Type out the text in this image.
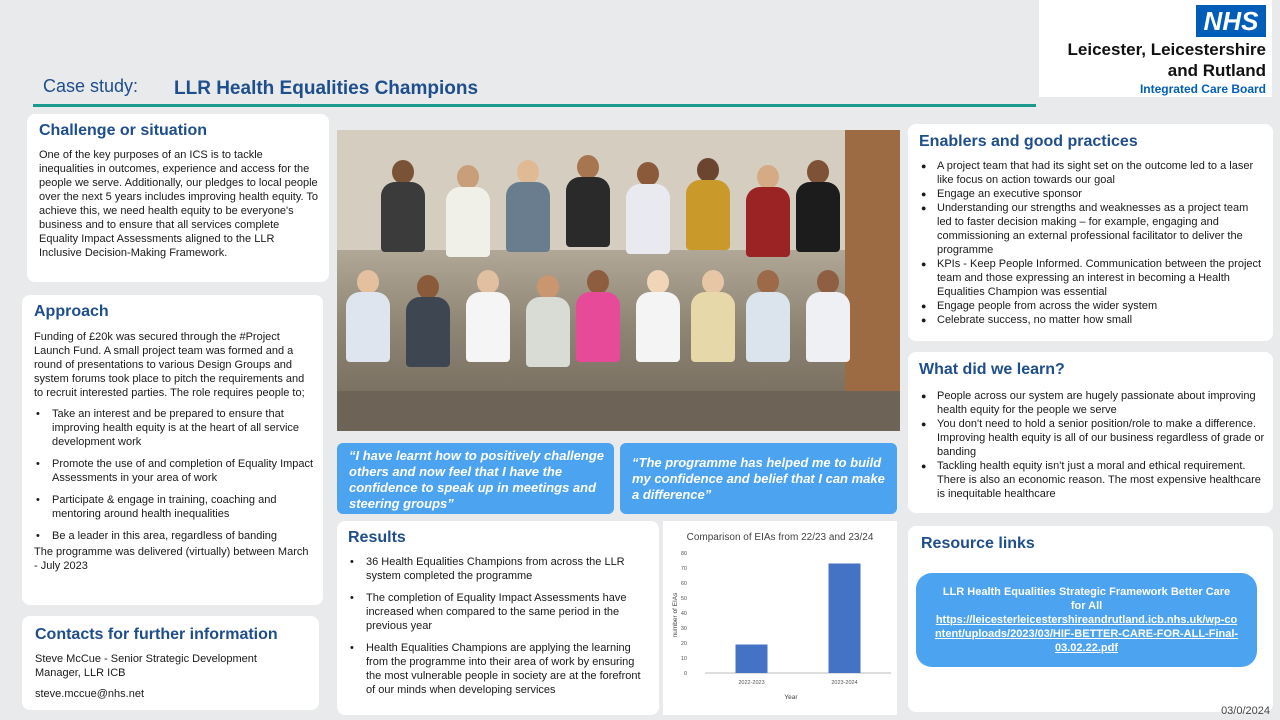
Case study: LLR Health Equalities Champions
NHS
Leicester, Leicestershire
and Rutland
Integrated Care Board
Challenge or situation
One of the key purposes of an ICS is to tackle inequalities in outcomes, experience and access for the people we serve. Additionally, our pledges to local people over the next 5 years includes improving health equity. To achieve this, we need health equity to be everyone's business and to ensure that all services complete Equality Impact Assessments aligned to the LLR Inclusive Decision-Making Framework.
Approach
Funding of £20k was secured through the #Project Launch Fund. A small project team was formed and a round of presentations to various Design Groups and system forums took place to pitch the requirements and to recruit interested parties. The role requires people to;
• Take an interest and be prepared to ensure that improving health equity is at the heart of all service development work
• Promote the use of and completion of Equality Impact Assessments in your area of work
• Participate & engage in training, coaching and mentoring around health inequalities
• Be a leader in this area, regardless of banding
The programme was delivered (virtually) between March - July 2023
Contacts for further information
Steve McCue - Senior Strategic Development Manager, LLR ICB
steve.mccue@nhs.net
“I have learnt how to positively challenge others and now feel that I have the confidence to speak up in meetings and steering groups”
“The programme has helped me to build my confidence and belief that I can make a difference”
Results
• 36 Health Equalities Champions from across the LLR system completed the programme
• The completion of Equality Impact Assessments have increased when compared to the same period in the previous year
• Health Equalities Champions are applying the learning from the programme into their area of work by ensuring the most vulnerable people in society are at the forefront of our minds when developing services
Comparison of EIAs from 22/23 and 23/24
number of EIAs
Year
0
10
20
30
40
50
60
70
80
2022-2023	2023-2024
Enablers and good practices
● A project team that had its sight set on the outcome led to a laser like focus on action towards our goal
● Engage an executive sponsor
● Understanding our strengths and weaknesses as a project team led to faster decision making – for example, engaging and commissioning an external professional facilitator to deliver the programme
● KPIs - Keep People Informed. Communication between the project team and those expressing an interest in becoming a Health Equalities Champion was essential
● Engage people from across the wider system
● Celebrate success, no matter how small
What did we learn?
● People across our system are hugely passionate about improving health equity for the people we serve
● You don't need to hold a senior position/role to make a difference. Improving health equity is all of our business regardless of grade or banding
● Tackling health equity isn't just a moral and ethical requirement. There is also an economic reason. The most expensive healthcare is inequitable healthcare
Resource links
LLR Health Equalities Strategic Framework Better Care for All
https://leicesterleicestershireandrutland.icb.nhs.uk/wp-content/uploads/2023/03/HIF-BETTER-CARE-FOR-ALL-Final-03.02.22.pdf
03/0/2024
